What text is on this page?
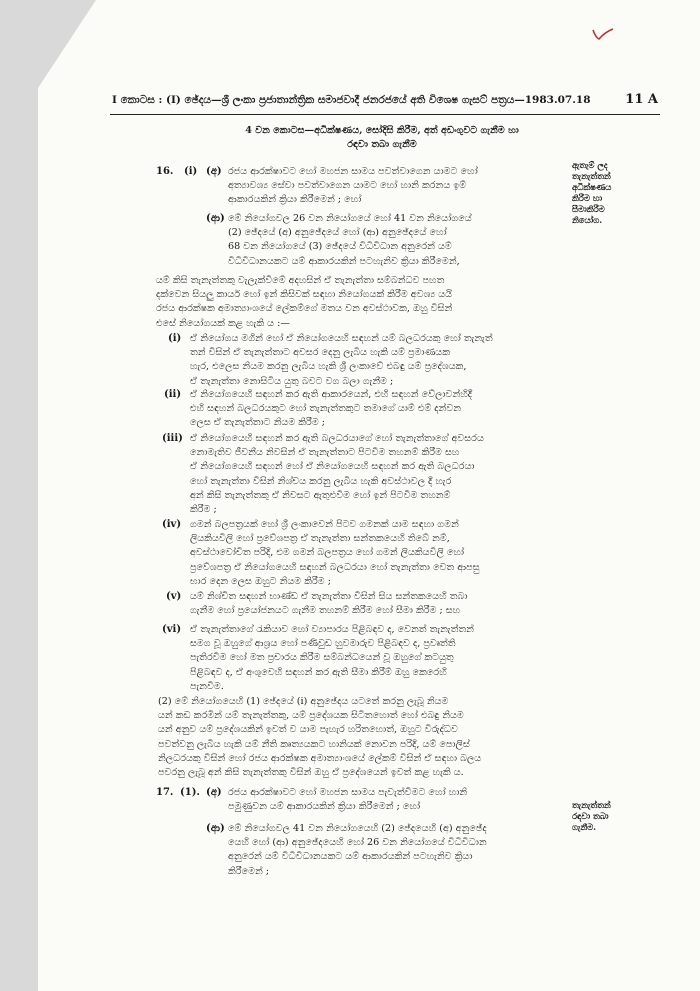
I කොටස : (I) ඡේදය—ශ්‍රී ලංකා ප්‍රජාතාන්ත්‍රික සමාජවාදී ජනරජයේ අති විශෙෂ ගැසට් පත්‍රය—1983.07.18	11 A
4 වන කොටස—අධීක්ෂණය, සෝදිසි කිරීම, අත් අඩංගුවට ගැනීම හා
රඳවා තබා ගැනීම
16. (i) (අ) රජය ආරක්ෂාවට හෝ මහජන සාමය පවත්වාගෙන යාමට හෝ
අත්‍යාවශ්‍ය සේවා පවත්වාගෙන යාමට හෝ හානි කරනය ඉම්
ආකාරයකින් ක්‍රියා කිරීමෙන් ; හෝ
ඇතැම් ලද
තැනැත්තන්
අධීක්ෂණය
කිරීම හා
සීමාකිරීම
නියෝග.
(ආ) මේ නියෝගවල 26 වන නියෝගයේ හෝ 41 වන නියෝගයේ
(2) ඡේදයේ (අ) අනුඡේදයේ හෝ (ආ) අනුඡේදයේ හෝ
68 වන නියෝගයේ (3) ඡේදයේ විධිවිධාන අනුරෙන් යම්
විධිවිධානයකට යම් ආකාරයකින් පටහැනිව ක්‍රියා කිරීමෙන්,
යම් කිසි තැනැත්තකු වැලැක්වීමේ අදහසින් ඒ තැනැත්තා සම්බන්ධව පහත
දක්වෙන සියලු කාර්ය හෝ ඉන් කිසිවක් සඳහා නියෝගයක් කිරීම අවශ්‍ය යයි
රජය ආරක්ෂක අමාත්‍යාංශයේ ලේකම්ගේ මතය වන අවස්ථාවක, ඔහු විසින්
එසේ නියෝගයක් කළ හැකි ය :—
(i) ඒ නියෝගය මගින් හෝ ඒ නියෝගයෙහි සඳහන් යම් බලධරයකු හෝ තැනැත්
තන් විසින් ඒ තැනැත්තාට අවසර දෙනු ලැබිය හැකි යම් ප්‍රමාණයක
හැර, එලෙස නියම කරනු ලැබිය හැකි ශ්‍රී ලංකාවේ එබඳු යම් ප්‍රදේශයක,
ඒ තැනැත්තා නොසිටිය යුතු බවට වග බලා ගැනීම ;
(ii) ඒ නියෝගයෙහි සඳහන් කර ඇති ආකාරයෙන්, එහි සඳහන් වේලාවන්හිදී
එහි සඳහන් බලධරයකුට හෝ තැනැත්තකුට තමාගේ යාම් එම් දන්වන
ලෙස ඒ තැනැත්තාට නියම කිරීම ;
(iii) ඒ නියෝගයෙහි සඳහන් කර ඇති බලධරයාගේ හෝ තැනැත්තාගේ අවසරය
නොමැතිව ජීවනීය නිවසින් ඒ තැනැත්තාට පිටවීම තහනම් කිරීම සහ
ඒ නියෝගයෙහි සඳහන් හෝ ඒ නියෝගයෙහි සඳහන් කර ඇති බලධරයා
හෝ තැනැත්තා විසින් නිශ්චය කරනු ලැබිය හැකි අවස්ථාවල දී හැර
අන් කිසි තැනැත්තකු ඒ නිවසට ඇතුළුවීම හෝ ඉන් පිටවීම තහනම්
කිරීම ;
(iv) ගමන් බලපත්‍රයක් හෝ ශ්‍රී ලංකාවෙන් පිටව ගමනක් යාම සඳහා ගමන්
ලියකියවිලි හෝ ප්‍රවේශපත්‍ර ඒ තැනැත්තා සන්තකයෙහි තිබේ නම්,
අවස්ථාවෝචිත පරිදි, එම ගමන් බලපත්‍රය හෝ ගමන් ලියකියවිලි හෝ
ප්‍රවේශපත්‍ර ඒ නියෝගයෙහි සඳහන් බලධරයා හෝ තැනැත්තා වෙත ආපසු
භාර දෙන ලෙස ඔහුට නියම කිරීම ;
(v) යම් නිශ්චිත සඳහන් භාණ්ඩ ඒ තැනැත්තා විසින් සිය සන්තකයෙහි තබා
ගැනීම හෝ ප්‍රයෝජනයට ගැනීම තහනම් කිරීම හෝ සීමා කිරීම ; සහ
(vi) ඒ තැනැත්තාගේ රැකියාව හෝ ව්‍යාපාරය පිළිබඳව ද, වෙනත් තැනැත්තන්
සමග වූ ඔහුගේ ආශ්‍රය හෝ පණිවුඩ හුවමාරුව පිළිබඳව ද, ප්‍රවෘත්ති
පැතිරවීම හෝ මත ප්‍රචාරය කිරීම සම්බන්ධයෙන් වූ ඔහුගේ කටයුතු
පිළිබඳව ද, ඒ අංශුවෙහි සඳහන් කර ඇති සීමා කිරීම් ඔහු කෙරෙහි
පැනවීම.
(2) මේ නියෝගයෙහි (1) ඡේදයේ (i) අනුඡේදය යටතේ කරනු ලැබූ නියම
යන් කඩ කරමින් යම් තැනැත්තකු, යම් ප්‍රදේශයක සිටිතහොත් හෝ එබඳු නියම
යන් අනුව යම් ප්‍රදේශයකින් ඉවත් ව යාම පැහැර හරිතහොත්, ඔහුට විරුද්ධව
පවත්වනු ලැබිය හැකි යම් නීති කෘත්‍යයකට හානියක් නොවන පරිදි, යම් පොලිස්
නිලධරයකු විසින් හෝ රජය ආරක්ෂක අමාත්‍යාංශයේ ලේකම් විසින් ඒ සඳහා බලය
පවරනු ලැබූ අන් කිසි තැනැත්තකු විසින් ඔහු ඒ ප්‍රදේශයෙන් ඉවත් කළ හැකි ය.
17. (1). (අ) රජය ආරක්ෂාවට හෝ මහජන සාමය පැවැත්වීමට හෝ හානි
පමුණුවන යම් ආකාරයකින් ක්‍රියා කිරීමෙන් ; හෝ	තැනැත්තන්
රඳවා තබා
ගැනීම.
(ආ) මේ නියෝගවල 41 වන නියෝගයෙහි (2) ඡේදයෙහි (අ) අනුඡේද
යෙහි හෝ (ආ) අනුඡේදයෙහි හෝ 26 වන නියෝගයේ විධිවිධාන
අනුරෙන් යම් විධිවිධානයකට යම් ආකාරයකින් පටහැනිව ක්‍රියා
කිරීමෙන් ;
